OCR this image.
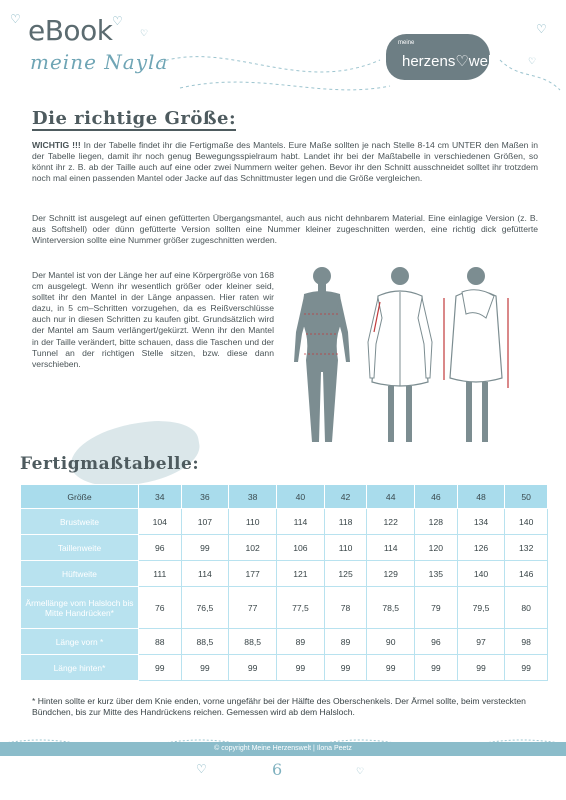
♡ eBook ♡
♡
meine Nayla
♡
♡
meine
herzens♡welt
Die richtige Größe:
WICHTIG !!! In der Tabelle findet ihr die Fertigmaße des Mantels. Eure Maße sollten je nach Stelle 8-14 cm UNTER den Maßen in der Tabelle liegen, damit ihr noch genug Bewegungsspielraum habt. Landet ihr bei der Maßtabelle in verschiedenen Größen, so könnt ihr z. B. ab der Taille auch auf eine oder zwei Nummern weiter gehen. Bevor ihr den Schnitt ausschneidet solltet ihr trotzdem noch mal einen passenden Mantel oder Jacke auf das Schnittmuster legen und die Größe vergleichen.
Der Schnitt ist ausgelegt auf einen gefütterten Übergangsmantel, auch aus nicht dehnbarem Material. Eine einlagige Version (z. B. aus Softshell) oder dünn gefütterte Version sollten eine Nummer kleiner zugeschnitten werden, eine richtig dick gefütterte Winterversion sollte eine Nummer größer zugeschnitten werden.
Der Mantel ist von der Länge her auf eine Körpergröße von 168 cm ausgelegt. Wenn ihr wesentlich größer oder kleiner seid, solltet ihr den Mantel in der Länge anpassen. Hier raten wir dazu, in 5 cm–Schritten vorzugehen, da es Reißverschlüsse auch nur in diesen Schritten zu kaufen gibt. Grundsätzlich wird der Mantel am Saum verlängert/gekürzt. Wenn ihr den Mantel in der Taille verändert, bitte schauen, dass die Taschen und der Tunnel an der richtigen Stelle sitzen, bzw. diese dann verschieben.
Fertigmaßtabelle:
Größe	34	36	38	40	42	44	46	48	50
Brustweite	104	107	110	114	118	122	128	134	140
Taillenweite	96	99	102	106	110	114	120	126	132
Hüftweite	111	114	177	121	125	129	135	140	146
Ärmellänge vom Halsloch bis Mitte Handrücken*	76	76,5	77	77,5	78	78,5	79	79,5	80
Länge vorn *	88	88,5	88,5	89	89	90	96	97	98
Länge hinten*	99	99	99	99	99	99	99	99	99
* Hinten sollte er kurz über dem Knie enden, vorne ungefähr bei der Hälfte des Oberschenkels. Der Ärmel sollte, beim versteckten Bündchen, bis zur Mitte des Handrückens reichen. Gemessen wird ab dem Halsloch.
© copyright Meine Herzenswelt | Ilona Peetz
♡	6	♡
